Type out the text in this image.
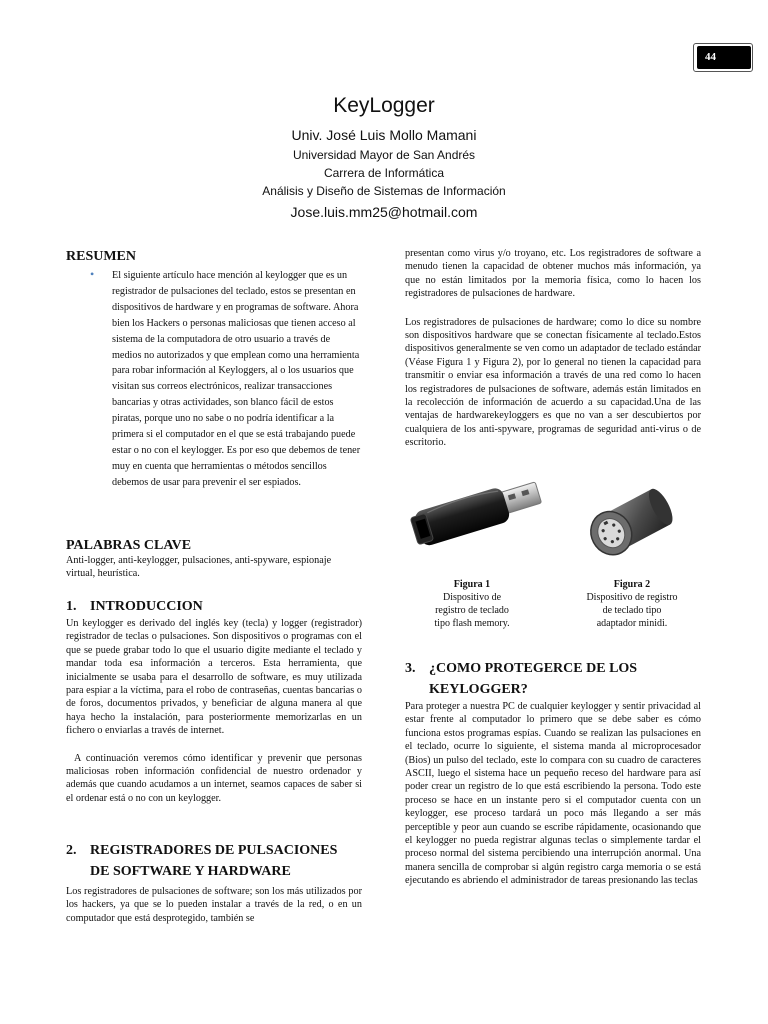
44
KeyLogger
Univ. José Luis Mollo Mamani
Universidad Mayor de San Andrés
Carrera de Informática
Análisis y Diseño de Sistemas de Información
Jose.luis.mm25@hotmail.com
RESUMEN
• El siguiente artículo hace mención al keylogger que es un registrador de pulsaciones del teclado, estos se presentan en dispositivos de hardware y en programas de software. Ahora bien los Hackers o personas maliciosas que tienen acceso al sistema de la computadora de otro usuario a través de medios no autorizados y que emplean como una herramienta para robar información al Keyloggers, al o los usuarios que visitan sus correos electrónicos, realizar transacciones bancarias y otras actividades, son blanco fácil de estos piratas, porque uno no sabe o no podría identificar a la primera si el computador en el que se está trabajando puede estar o no con el keylogger. Es por eso que debemos de tener muy en cuenta que herramientas o métodos sencillos debemos de usar para prevenir el ser espiados.

PALABRAS CLAVE

Anti-logger, anti-keylogger, pulsaciones, anti-spyware, espionaje virtual, heurística.

1. INTRODUCCION

Un keylogger es derivado del inglés key (tecla) y logger (registrador) registrador de teclas o pulsaciones. Son dispositivos o programas con el que se puede grabar todo lo que el usuario digite mediante el teclado y mandar toda esa información a terceros. Esta herramienta, que inicialmente se usaba para el desarrollo de software, es muy utilizada para espiar a la víctima, para el robo de contraseñas, cuentas bancarias o de foros, documentos privados, y beneficiar de alguna manera al que haya hecho la instalación, para posteriormente memorizarlas en un fichero o enviarlas a través de internet.

A continuación veremos cómo identificar y prevenir que personas maliciosas roben información confidencial de nuestro ordenador y además que cuando acudamos a un internet, seamos capaces de saber si el ordenar está o no con un keylogger.

2. REGISTRADORES DE PULSACIONES
DE SOFTWARE Y HARDWARE

Los registradores de pulsaciones de software; son los más utilizados por los hackers, ya que se lo pueden instalar a través de la red, o en un computador que está desprotegido, también se

presentan como virus y/o troyano, etc. Los registradores de software a menudo tienen la capacidad de obtener muchos más información, ya que no están limitados por la memoria física, como lo hacen los registradores de pulsaciones de hardware.

Los registradores de pulsaciones de hardware; como lo dice su nombre son dispositivos hardware que se conectan físicamente al teclado.Estos dispositivos generalmente se ven como un adaptador de teclado estándar (Véase Figura 1 y Figura 2), por lo general no tienen la capacidad para transmitir o enviar esa información a través de una red como lo hacen los registradores de pulsaciones de software, además están limitados en la recolección de información de acuerdo a su capacidad.Una de las ventajas de hardwarekeyloggers es que no van a ser descubiertos por cualquiera de los anti-spyware, programas de seguridad anti-virus o de escritorio.

Figura 1
Dispositivo de
registro de teclado
tipo flash memory.
Figura 2
Dispositivo de registro
de teclado tipo
adaptador minidi.
3. ¿COMO PROTEGERCE DE LOS
KEYLOGGER?

Para proteger a nuestra PC de cualquier keylogger y sentir privacidad al estar frente al computador lo primero que se debe saber es cómo funciona estos programas espías. Cuando se realizan las pulsaciones en el teclado, ocurre lo siguiente, el sistema manda al microprocesador (Bios) un pulso del teclado, este lo compara con su cuadro de caracteres ASCII, luego el sistema hace un pequeño receso del hardware para así poder crear un registro de lo que está escribiendo la persona. Todo este proceso se hace en un instante pero si el computador cuenta con un keylogger, ese proceso tardará un poco más llegando a ser más perceptible y peor aun cuando se escribe rápidamente, ocasionando que el keylogger no pueda registrar algunas teclas o simplemente tardar el proceso normal del sistema percibiendo una interrupción anormal. Una manera sencilla de comprobar si algún registro carga memoria o se está ejecutando es abriendo el administrador de tareas presionando las teclas
